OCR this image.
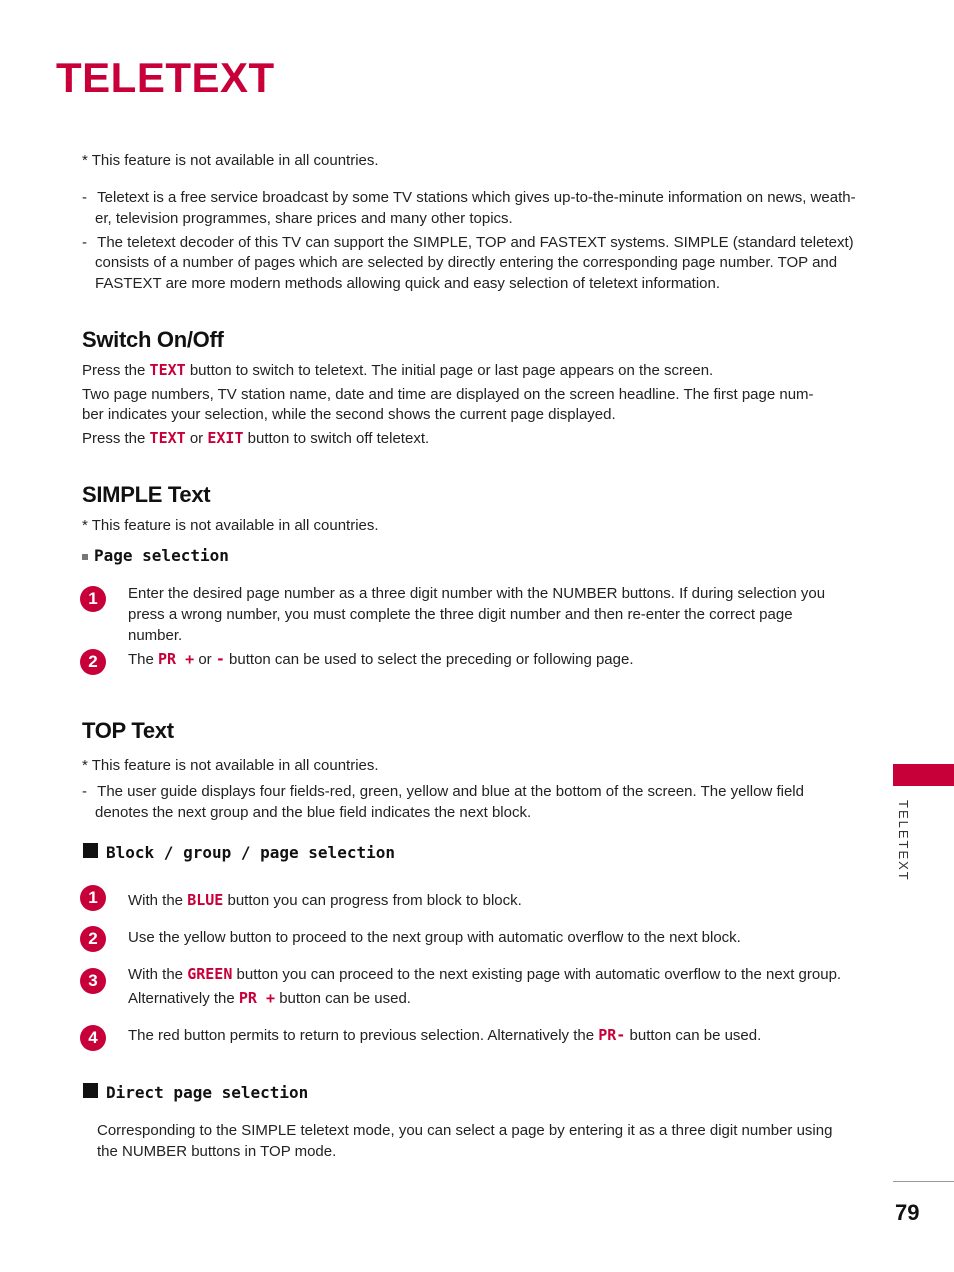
TELETEXT
* This feature is not available in all countries.
- Teletext is a free service broadcast by some TV stations which gives up-to-the-minute information on news, weath-
er, television programmes, share prices and many other topics.
- The teletext decoder of this TV can support the SIMPLE, TOP and FASTEXT systems. SIMPLE (standard teletext)
consists of a number of pages which are selected by directly entering the corresponding page number. TOP and
FASTEXT are more modern methods allowing quick and easy selection of teletext information.
Switch On/Off
Press the TEXT button to switch to teletext. The initial page or last page appears on the screen.
Two page numbers, TV station name, date and time are displayed on the screen headline. The first page num-
ber indicates your selection, while the second shows the current page displayed.
Press the TEXT or EXIT button to switch off teletext.
SIMPLE Text
* This feature is not available in all countries.
Page selection
1	Enter the desired page number as a three digit number with the NUMBER buttons. If during selection you
press a wrong number, you must complete the three digit number and then re-enter the correct page
number.
2	The PR + or - button can be used to select the preceding or following page.
TOP Text
* This feature is not available in all countries.
- The user guide displays four fields-red, green, yellow and blue at the bottom of the screen. The yellow field
denotes the next group and the blue field indicates the next block.
Block / group / page selection
1	With the BLUE button you can progress from block to block.
2	Use the yellow button to proceed to the next group with automatic overflow to the next block.
3	With the GREEN button you can proceed to the next existing page with automatic overflow to the next group.
Alternatively the PR + button can be used.
4	The red button permits to return to previous selection. Alternatively the PR- button can be used.
Direct page selection
Corresponding to the SIMPLE teletext mode, you can select a page by entering it as a three digit number using
the NUMBER buttons in TOP mode.
TELETEXT
79
